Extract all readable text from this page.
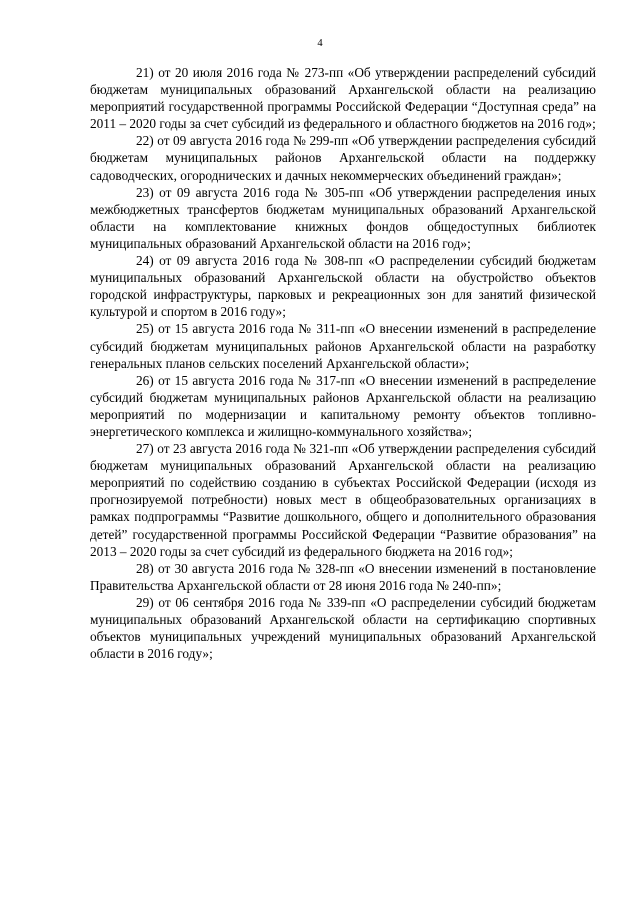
4

21) от 20 июля 2016 года № 273-пп «Об утверждении распределений субсидий бюджетам муниципальных образований Архангельской области на реализацию мероприятий государственной программы Российской Федерации “Доступная среда” на 2011 – 2020 годы за счет субсидий из федерального и областного бюджетов на 2016 год»;

22) от 09 августа 2016 года № 299-пп «Об утверждении распределения субсидий бюджетам муниципальных районов Архангельской области на поддержку садоводческих, огороднических и дачных некоммерческих объединений граждан»;

23) от 09 августа 2016 года № 305-пп «Об утверждении распределения иных межбюджетных трансфертов бюджетам муниципальных образований Архангельской области на комплектование книжных фондов общедоступных библиотек муниципальных образований Архангельской области на 2016 год»;

24) от 09 августа 2016 года № 308-пп «О распределении субсидий бюджетам муниципальных образований Архангельской области на обустройство объектов городской инфраструктуры, парковых и рекреационных зон для занятий физической культурой и спортом в 2016 году»;

25) от 15 августа 2016 года № 311-пп «О внесении изменений в распределение субсидий бюджетам муниципальных районов Архангельской области на разработку генеральных планов сельских поселений Архангельской области»;

26) от 15 августа 2016 года № 317-пп «О внесении изменений в распределение субсидий бюджетам муниципальных районов Архангельской области на реализацию мероприятий по модернизации и капитальному ремонту объектов топливно-энергетического комплекса и жилищно-коммунального хозяйства»;

27) от 23 августа 2016 года № 321-пп «Об утверждении распределения субсидий бюджетам муниципальных образований Архангельской области на реализацию мероприятий по содействию созданию в субъектах Российской Федерации (исходя из прогнозируемой потребности) новых мест в общеобразовательных организациях в рамках подпрограммы “Развитие дошкольного, общего и дополнительного образования детей” государственной программы Российской Федерации “Развитие образования” на 2013 – 2020 годы за счет субсидий из федерального бюджета на 2016 год»;

28) от 30 августа 2016 года № 328-пп «О внесении изменений в постановление Правительства Архангельской области от 28 июня 2016 года № 240-пп»;

29) от 06 сентября 2016 года № 339-пп «О распределении субсидий бюджетам муниципальных образований Архангельской области на сертификацию спортивных объектов муниципальных учреждений муниципальных образований Архангельской области в 2016 году»;
